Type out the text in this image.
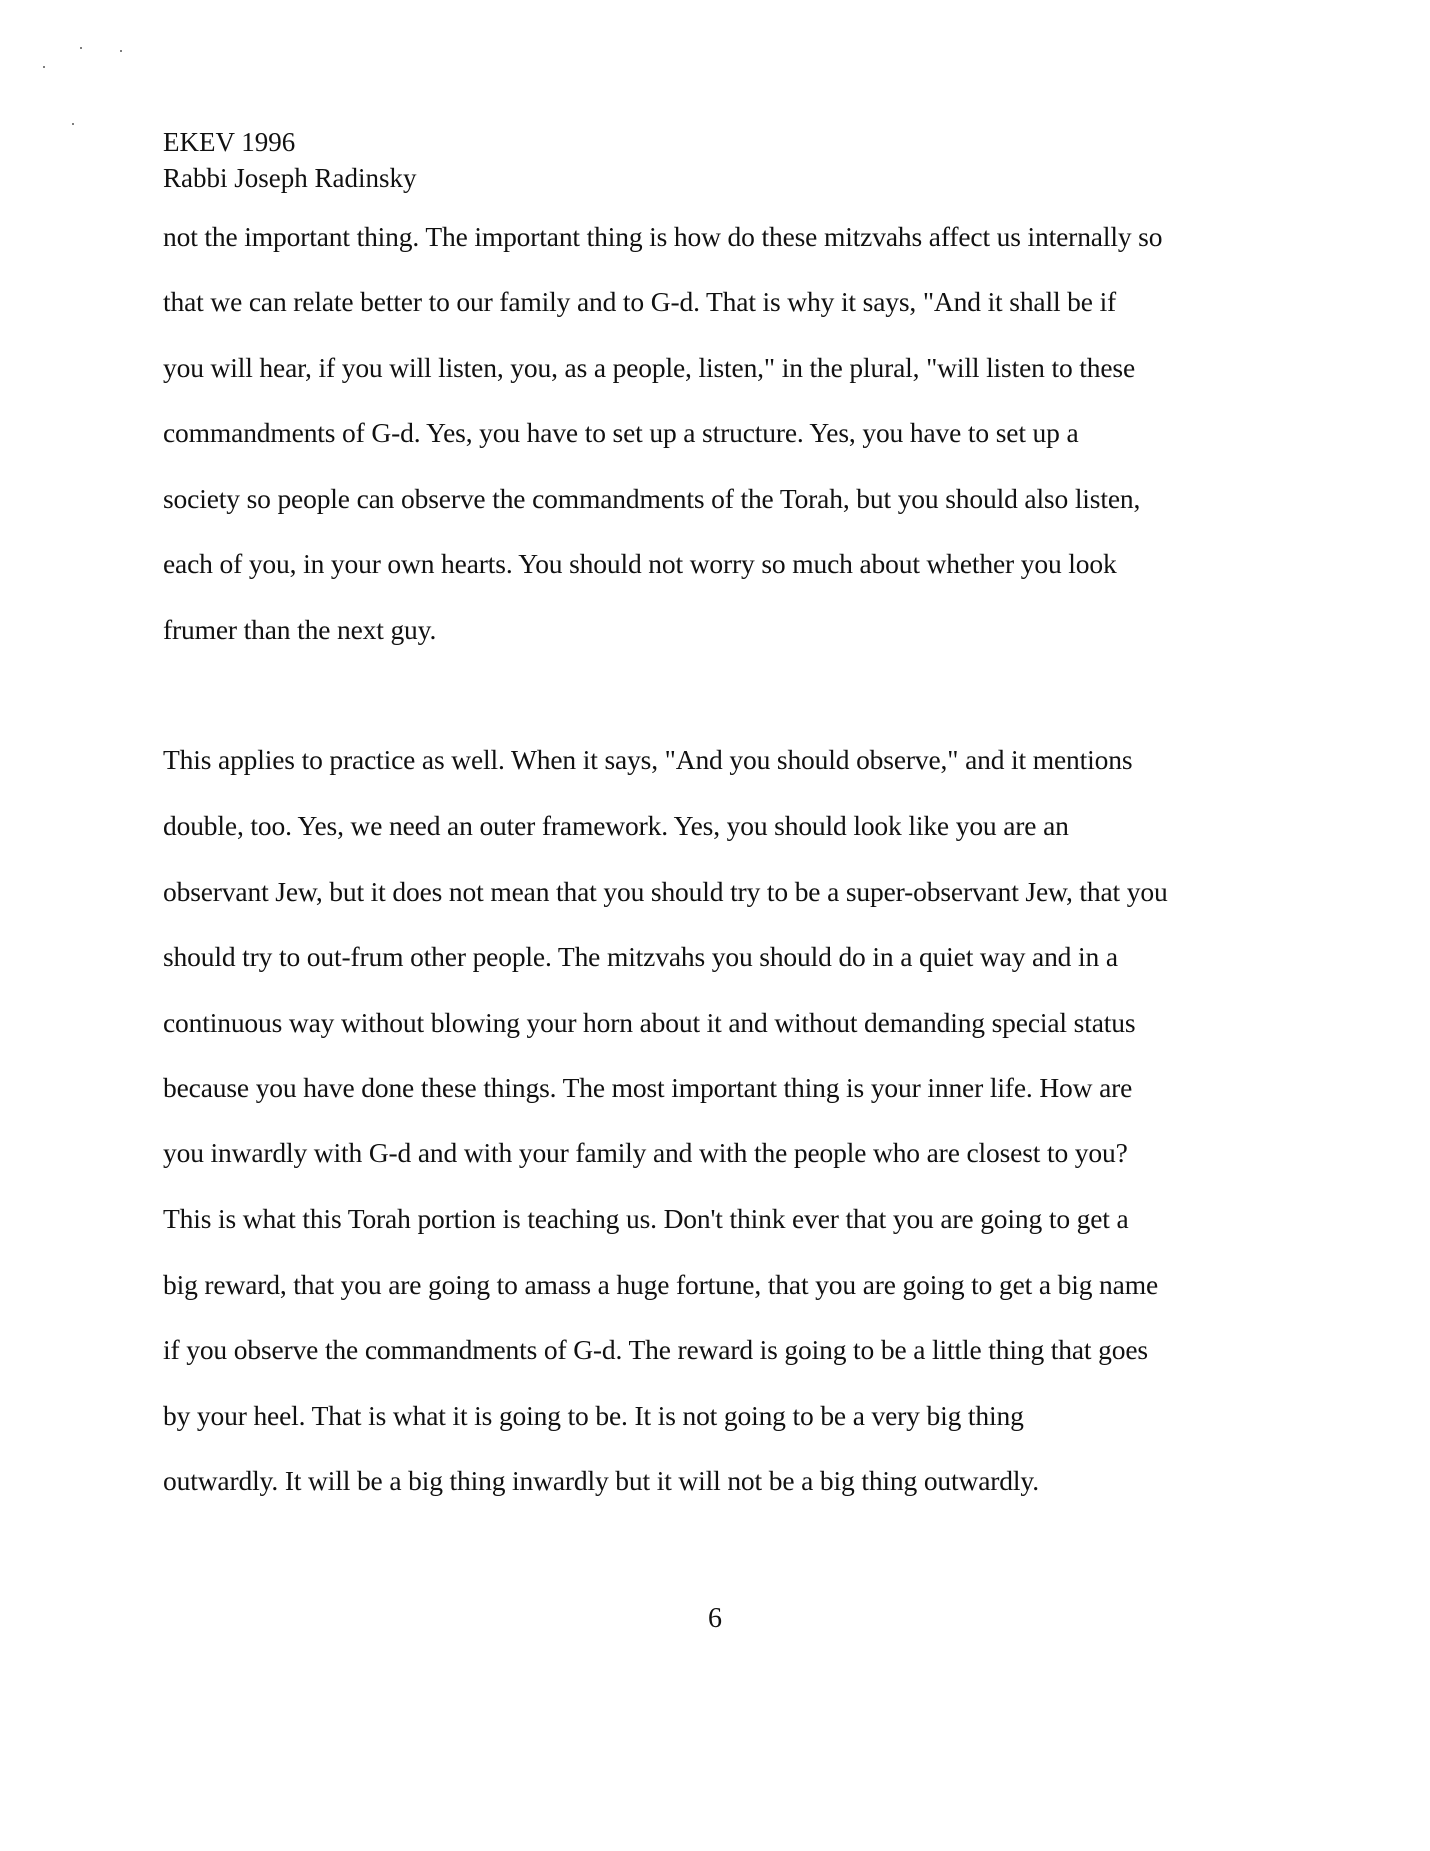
EKEV 1996
Rabbi Joseph Radinsky
not the important thing. The important thing is how do these mitzvahs affect us internally so
that we can relate better to our family and to G-d. That is why it says, "And it shall be if
you will hear, if you will listen, you, as a people, listen," in the plural, "will listen to these
commandments of G-d. Yes, you have to set up a structure. Yes, you have to set up a
society so people can observe the commandments of the Torah, but you should also listen,
each of you, in your own hearts. You should not worry so much about whether you look
frumer than the next guy.
This applies to practice as well. When it says, "And you should observe," and it mentions
double, too. Yes, we need an outer framework. Yes, you should look like you are an
observant Jew, but it does not mean that you should try to be a super-observant Jew, that you
should try to out-frum other people. The mitzvahs you should do in a quiet way and in a
continuous way without blowing your horn about it and without demanding special status
because you have done these things. The most important thing is your inner life. How are
you inwardly with G-d and with your family and with the people who are closest to you?
This is what this Torah portion is teaching us. Don't think ever that you are going to get a
big reward, that you are going to amass a huge fortune, that you are going to get a big name
if you observe the commandments of G-d. The reward is going to be a little thing that goes
by your heel. That is what it is going to be. It is not going to be a very big thing
outwardly. It will be a big thing inwardly but it will not be a big thing outwardly.
6
